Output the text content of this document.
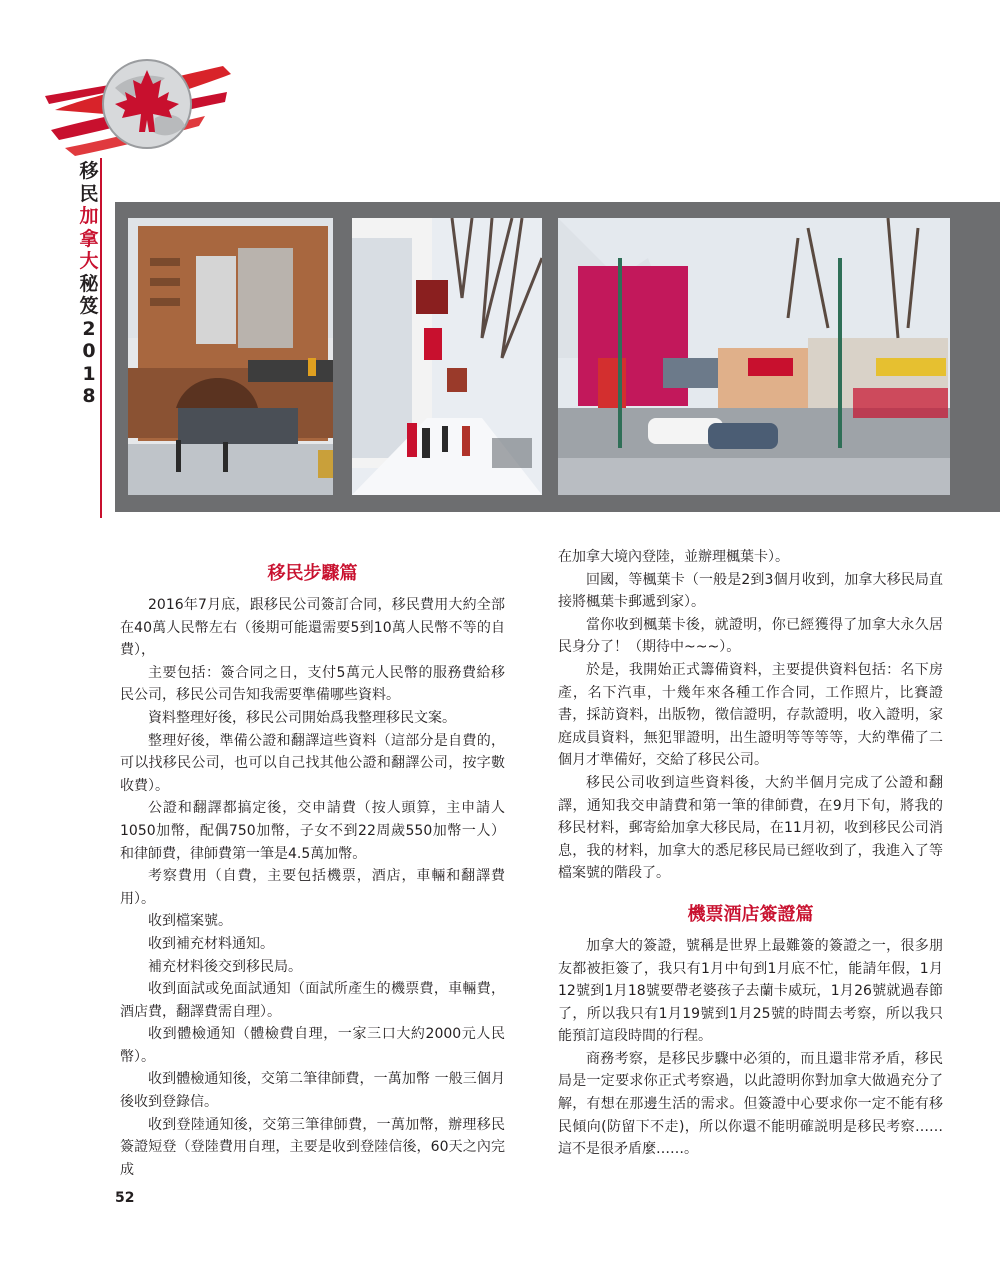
移
民
加
拿
大
秘
笈
2
0
1
8
移民步驟篇

2016年7月底，跟移民公司簽訂合同，移民費用大約全部在40萬人民幣左右（後期可能還需要5到10萬人民幣不等的自費），

主要包括：簽合同之日，支付5萬元人民幣的服務費給移民公司，移民公司告知我需要準備哪些資料。

資料整理好後，移民公司開始爲我整理移民文案。

整理好後，準備公證和翻譯這些資料（這部分是自費的，可以找移民公司，也可以自己找其他公證和翻譯公司，按字數收費）。

公證和翻譯都搞定後，交申請費（按人頭算，主申請人1050加幣，配偶750加幣，子女不到22周歲550加幣一人）和律師費，律師費第一筆是4.5萬加幣。

考察費用（自費，主要包括機票，酒店，車輛和翻譯費用）。

收到檔案號。

收到補充材料通知。

補充材料後交到移民局。

收到面試或免面試通知（面試所產生的機票費，車輛費，酒店費，翻譯費需自理）。

收到體檢通知（體檢費自理，一家三口大約2000元人民幣）。

收到體檢通知後，交第二筆律師費，一萬加幣 一般三個月後收到登錄信。

收到登陸通知後，交第三筆律師費，一萬加幣，辦理移民簽證短登（登陸費用自理，主要是收到登陸信後，60天之內完成

在加拿大境內登陸，並辦理楓葉卡）。

回國，等楓葉卡（一般是2到3個月收到，加拿大移民局直接將楓葉卡郵遞到家）。

當你收到楓葉卡後，就證明，你已經獲得了加拿大永久居民身分了！（期待中~~~）。

於是，我開始正式籌備資料，主要提供資料包括：名下房產，名下汽車，十幾年來各種工作合同，工作照片，比賽證書，採訪資料，出版物，徵信證明，存款證明，收入證明，家庭成員資料，無犯罪證明，出生證明等等等等，大約準備了二個月才準備好，交給了移民公司。

移民公司收到這些資料後，大約半個月完成了公證和翻譯，通知我交申請費和第一筆的律師費，在9月下旬，將我的移民材料，郵寄給加拿大移民局，在11月初，收到移民公司消息，我的材料，加拿大的悉尼移民局已經收到了，我進入了等檔案號的階段了。

機票酒店簽證篇

加拿大的簽證，號稱是世界上最難簽的簽證之一，很多朋友都被拒簽了，我只有1月中旬到1月底不忙，能請年假，1月12號到1月18號要帶老婆孩子去蘭卡威玩，1月26號就過春節了，所以我只有1月19號到1月25號的時間去考察，所以我只能預訂這段時間的行程。

商務考察，是移民步驟中必須的，而且還非常矛盾，移民局是一定要求你正式考察過，以此證明你對加拿大做過充分了解，有想在那邊生活的需求。但簽證中心要求你一定不能有移民傾向(防留下不走)，所以你還不能明確説明是移民考察……這不是很矛盾麼……。

52
